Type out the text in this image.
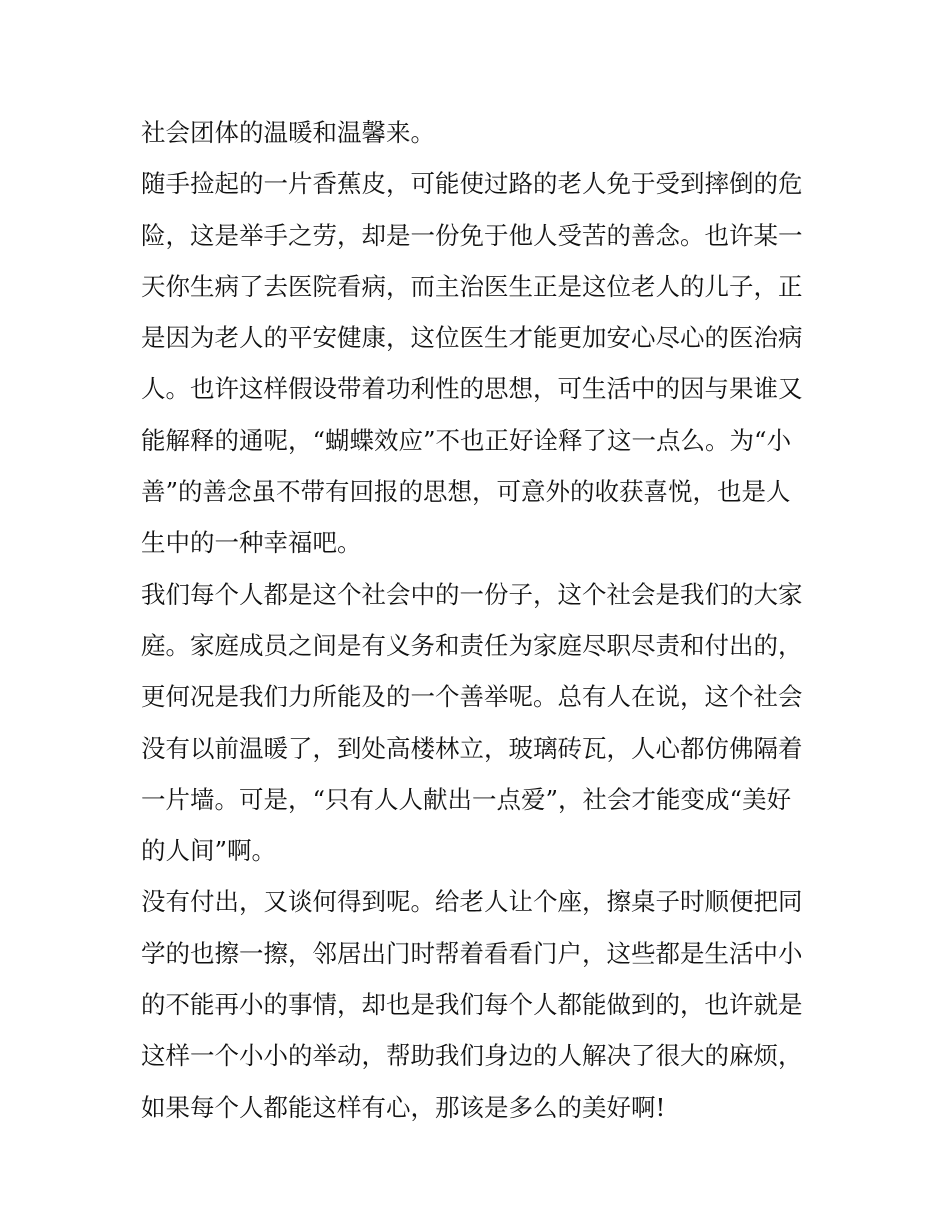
社会团体的温暖和温馨来。
随手捡起的一片香蕉皮，可能使过路的老人免于受到摔倒的危
险，这是举手之劳，却是一份免于他人受苦的善念。也许某一
天你生病了去医院看病，而主治医生正是这位老人的儿子，正
是因为老人的平安健康，这位医生才能更加安心尽心的医治病
人。也许这样假设带着功利性的思想，可生活中的因与果谁又
能解释的通呢，“蝴蝶效应”不也正好诠释了这一点么。为“小
善”的善念虽不带有回报的思想，可意外的收获喜悦，也是人
生中的一种幸福吧。
我们每个人都是这个社会中的一份子，这个社会是我们的大家
庭。家庭成员之间是有义务和责任为家庭尽职尽责和付出的，
更何况是我们力所能及的一个善举呢。总有人在说，这个社会
没有以前温暖了，到处高楼林立，玻璃砖瓦，人心都仿佛隔着
一片墙。可是，“只有人人献出一点爱”，社会才能变成“美好
的人间”啊。
没有付出，又谈何得到呢。给老人让个座，擦桌子时顺便把同
学的也擦一擦，邻居出门时帮着看看门户，这些都是生活中小
的不能再小的事情，却也是我们每个人都能做到的，也许就是
这样一个小小的举动，帮助我们身边的人解决了很大的麻烦，
如果每个人都能这样有心，那该是多么的美好啊!
